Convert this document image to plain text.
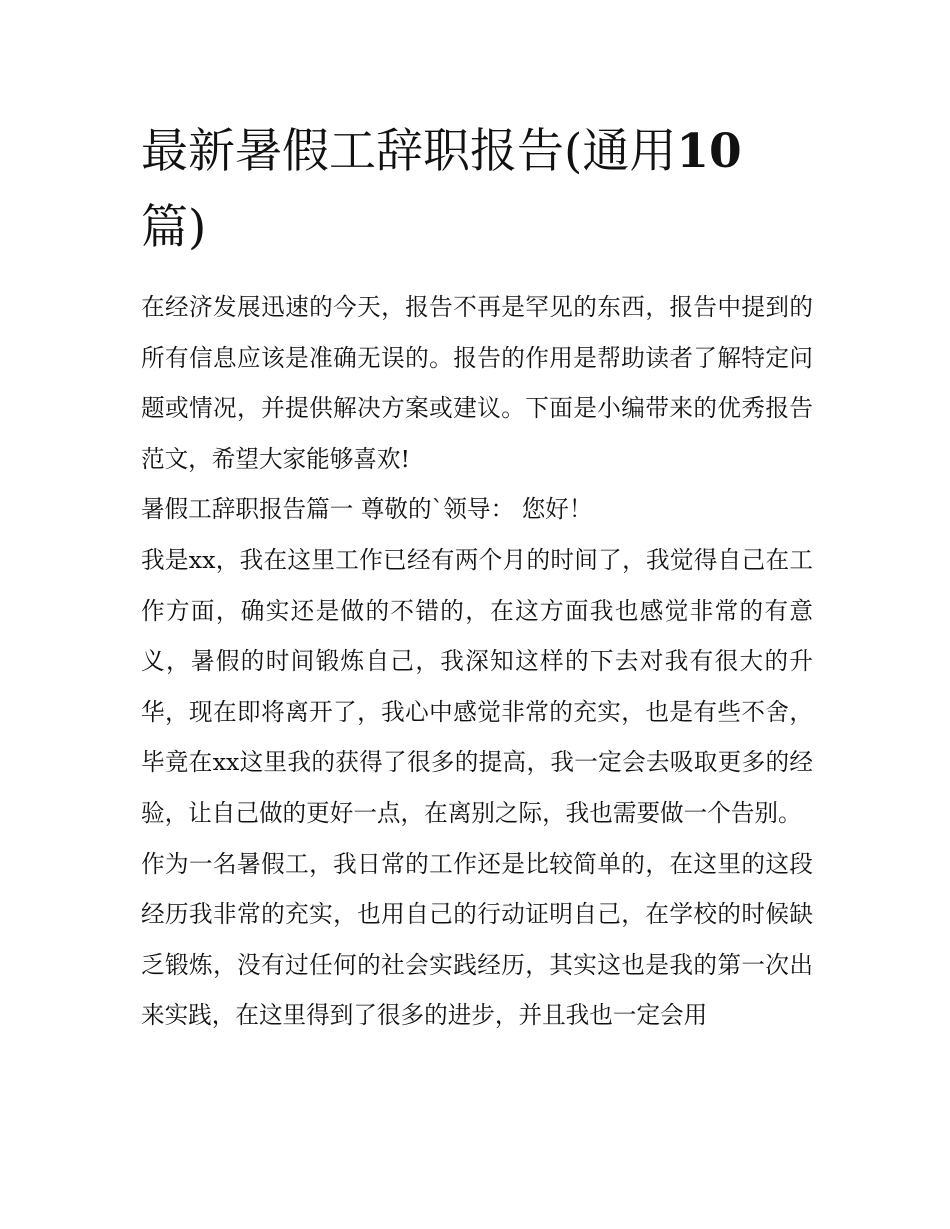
最新暑假工辞职报告(通用10
篇)

在经济发展迅速的今天，报告不再是罕见的东西，报告中提到的所有信息应该是准确无误的。报告的作用是帮助读者了解特定问题或情况，并提供解决方案或建议。下面是小编带来的优秀报告范文，希望大家能够喜欢!

暑假工辞职报告篇一 尊敬的`领导： 您好！

我是xx，我在这里工作已经有两个月的时间了，我觉得自己在工作方面，确实还是做的不错的，在这方面我也感觉非常的有意义，暑假的时间锻炼自己，我深知这样的下去对我有很大的升华，现在即将离开了，我心中感觉非常的充实，也是有些不舍，毕竟在xx这里我的获得了很多的提高，我一定会去吸取更多的经验，让自己做的更好一点，在离别之际，我也需要做一个告别。

作为一名暑假工，我日常的工作还是比较简单的，在这里的这段经历我非常的充实，也用自己的行动证明自己，在学校的时候缺乏锻炼，没有过任何的社会实践经历，其实这也是我的第一次出来实践，在这里得到了很多的进步，并且我也一定会用
